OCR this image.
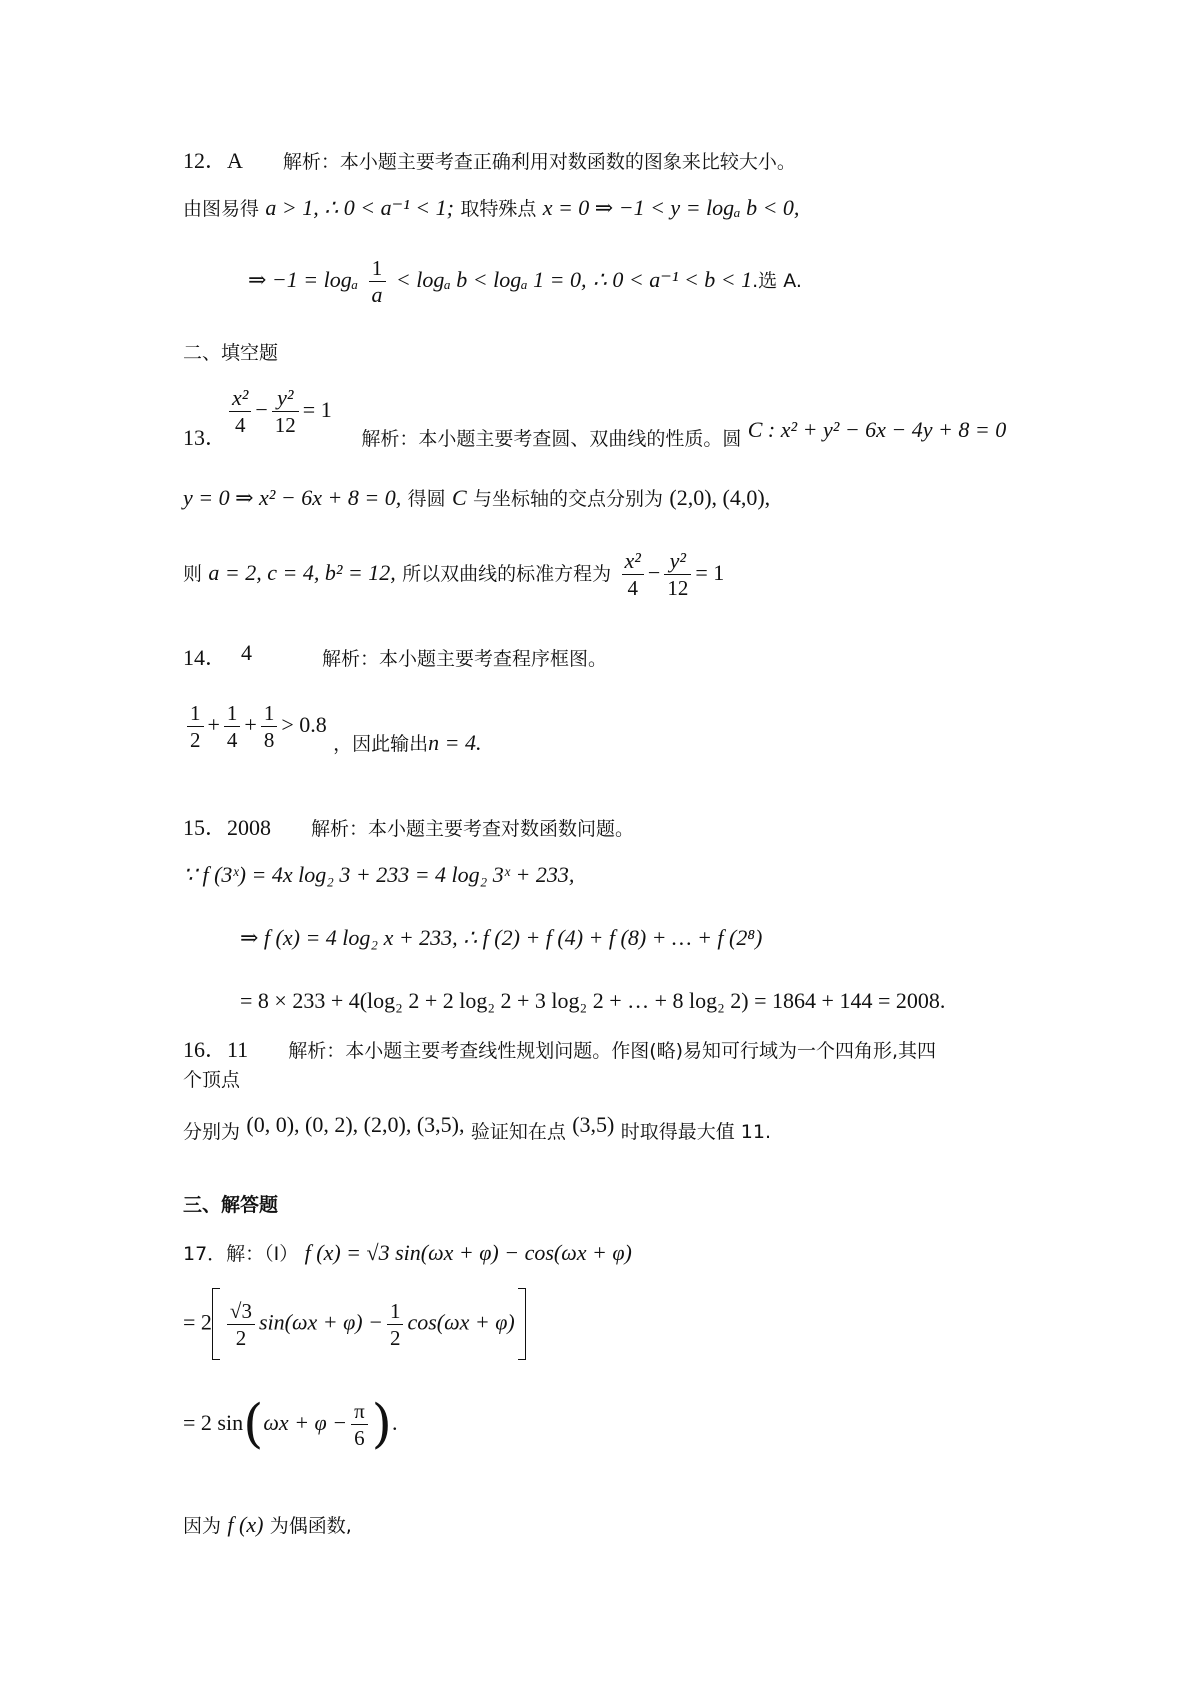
12．A 解析：本小题主要考查正确利用对数函数的图象来比较大小。
由图易得 a > 1, ∴ 0 < a⁻¹ < 1; 取特殊点 x = 0 ⇒ −1 < y = logₐ b < 0,
⇒ −1 = logₐ $\frac{1}{a} < \log_a$ b < logₐ 1 = 0, ∴ 0 < a⁻¹ < b < 1.选 A.
二、填空题
$\frac{\text{x²}}{4} - \frac{\text{y²}}{12} = 1$
13．	解析：本小题主要考查圆、双曲线的性质。圆 C : x² + y² − 6x − 4y + 8 = 0
y = 0 ⇒ x² − 6x + 8 = 0, 得圆 C 与坐标轴的交点分别为 (2,0), (4,0),
则 a = 2, c = 4, b² = 12, 所以双曲线的标准方程为 $\frac{\text{x²}}{4} - \frac{\text{y²}}{12} = 1$
14． 4	解析：本小题主要考查程序框图。
$\frac{1}{2} + \frac{1}{4} + \frac{1}{8} > 0.8$ ，因此输出n = 4.
15．2008 解析：本小题主要考查对数函数问题。
∵ f (3ˣ) = 4x log₂ 3 + 233 = 4 log₂ 3ˣ + 233,
⇒ f (x) = 4 log₂ x + 233, ∴ f (2) + f (4) + f (8) + … + f (2⁸)
= 8 × 233 + 4(log₂ 2 + 2 log₂ 2 + 3 log₂ 2 + … + 8 log₂ 2) = 1864 + 144 = 2008.
16．11 解析：本小题主要考查线性规划问题。作图(略)易知可行域为一个四角形,其四
个顶点
分别为 (0, 0), (0, 2), (2,0), (3,5), 验证知在点 (3,5) 时取得最大值 11.
三、解答题
17．解：（Ⅰ） f (x) = √3 sin(ωx + φ) − cos(ωx + φ)
= $2 \frac{√3}{2} \sin(\omega x + \varphi) - \frac{1}{2} \cos(\omega x + \varphi)$
= 2 $\sin(\omega x + \varphi - \frac{\pi}{6}$ ).
因为 f (x) 为偶函数,
